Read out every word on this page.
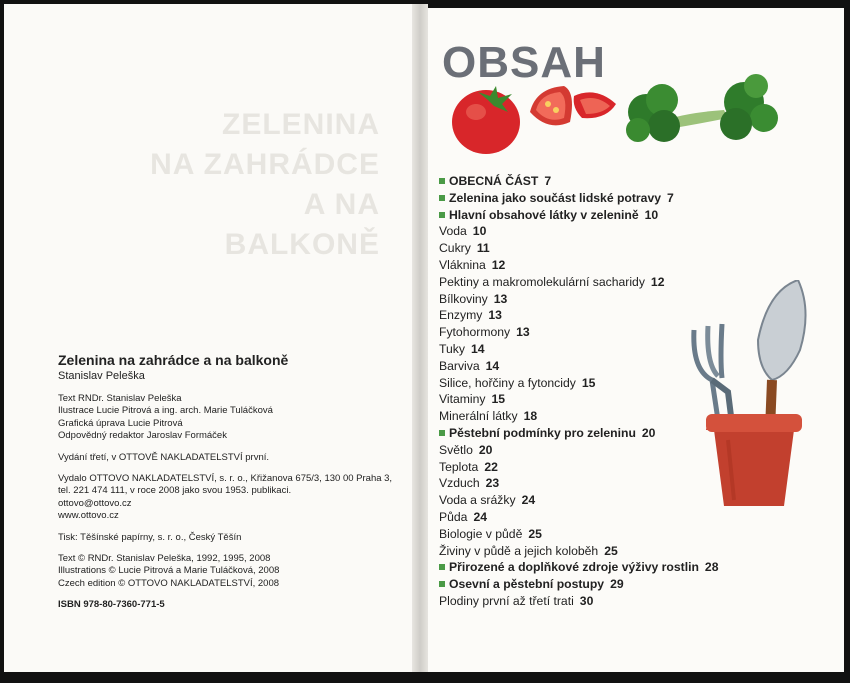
ZELENINA
NA ZAHRÁDCE
A NA BALKONĚ
Zelenina na zahrádce a na balkoně
Stanislav Peleška
Text RNDr. Stanislav Peleška
Ilustrace Lucie Pitrová a ing. arch. Marie Tuláčková
Grafická úprava Lucie Pitrová
Odpovědný redaktor Jaroslav Formáček
Vydání třetí, v OTTOVĚ NAKLADATELSTVÍ první.
Vydalo OTTOVO NAKLADATELSTVÍ, s. r. o., Křižanova 675/3, 130 00 Praha 3,
tel. 221 474 111, v roce 2008 jako svou 1953. publikaci.
ottovo@ottovo.cz
www.ottovo.cz
Tisk: Těšínské papírny, s. r. o., Český Těšín
Text © RNDr. Stanislav Peleška, 1992, 1995, 2008
Illustrations © Lucie Pitrová a Marie Tuláčková, 2008
Czech edition © OTTOVO NAKLADATELSTVÍ, 2008
ISBN 978-80-7360-771-5
OBSAH
OBECNÁ ČÁST 7
Zelenina jako součást lidské potravy 7
Hlavní obsahové látky v zelenině 10
Voda 10
Cukry 11
Vláknina 12
Pektiny a makromolekulární sacharidy 12
Bílkoviny 13
Enzymy 13
Fytohormony 13
Tuky 14
Barviva 14
Silice, hořčiny a fytoncidy 15
Vitaminy 15
Minerální látky 18
Pěstební podmínky pro zeleninu 20
Světlo 20
Teplota 22
Vzduch 23
Voda a srážky 24
Půda 24
Biologie v půdě 25
Živiny v půdě a jejich koloběh 25
Přirozené a doplňkové zdroje výživy rostlin 28
Osevní a pěstební postupy 29
Plodiny první až třetí trati 30
